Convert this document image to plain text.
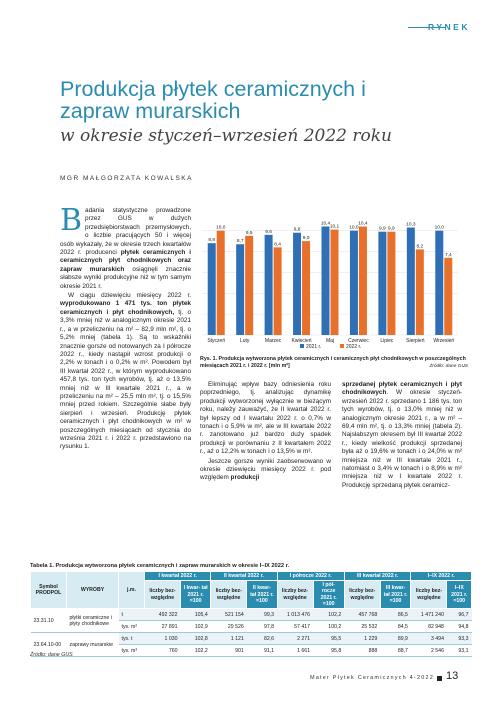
RYNEK
Produkcja płytek ceramicznych i zapraw murarskich
w okresie styczeń–wrzesień 2022 roku
MGR MAŁGORZATA KOWALSKA

Badania statystyczne prowadzone przez GUS w dużych przedsiębiorstwach przemysłowych, o liczbie pracujących 50 i więcej osób wykazały, że w okresie trzech kwartałów 2022 r. producenci płytek ceramicznych i ceramicznych płyt chodnikowych oraz zapraw murarskich osiągnęli znacznie słabsze wyniki produkcyjne niż w tym samym okresie 2021 r.

W ciągu dziewięciu miesięcy 2022 r. wyprodukowano 1 471 tys. ton płytek ceramicznych i płyt chodnikowych, tj. o 3,3% mniej niż w analogicznym okresie 2021 r., a w przeliczeniu na m² – 82,9 mln m², tj. o 5,2% mniej (tabela 1). Są to wskaźniki znacznie gorsze od notowanych za I półrocze 2022 r., kiedy nastąpił wzrost produkcji o 2,2% w tonach i o 0,2% w m². Powodem był III kwartał 2022 r., w którym wyprodukowano 457,8 tys. ton tych wyrobów, tj. aż o 13,5% mniej niż w III kwartale 2021 r., a w przeliczeniu na m² – 25,5 mln m², tj. o 15,5% mniej przed rokiem. Szczególnie słabe były sierpień i wrzesień. Produkcję płytek ceramicznych i płyt chodnikowych w m² w poszczególnych miesiącach od stycznia do września 2021 r. i 2022 r. przedstawiono na rysunku 1.

8,8
10,0
Styczeń
8,7
9,5
Luty
9,6
8,4
Marzec
9,8
9,0
Kwiecień
10,4
10,1
Maj
10,0
10,4
Czerwiec
9,9 9,9
Lipiec
10,3
8,2
Sierpień
10,0
7,4
Wrzesień
2021 r.	2022 r.
Rys. 1. Produkcja wytworzona płytek ceramicznych i ceramicznych płyt chodnikowych w poszczególnych miesiącach 2021 r. i 2022 r. [mln m²]	Źródło: dane GUS

Eliminując wpływ bazy odniesienia roku poprzedniego, tj. analizując dynamikę produkcji wytworzonej wyłącznie w bieżącym roku, należy zauważyć, że II kwartał 2022 r. był lepszy od I kwartału 2022 r. o 0,7% w tonach i o 5,9% w m², ale w III kwartale 2022 r. zanotowano już bardzo duży spadek produkcji w porównaniu z II kwartałem 2022 r., aż o 12,2% w tonach i o 13,5% w m².

Jeszcze gorsze wyniki zaobserwowano w okresie dziewięciu miesięcy 2022 r. pod względem produkcji

sprzedanej płytek ceramicznych i płyt chodnikowych. W okresie styczeń-wrzesień 2022 r. sprzedano 1 186 tys. ton tych wyrobów, tj. o 13,0% mniej niż w analogicznym okresie 2021 r., a w m² – 69,4 mln m², tj. o 13,3% mniej (tabela 2). Najsłabszym okresem był III kwartał 2022 r., kiedy wielkość produkcji sprzedanej była aż o 19,6% w tonach i o 24,0% w m² mniejsza niż w III kwartale 2021 r., natomiast o 3,4% w tonach i o 8,9% w m² mniejsza niż w I kwartale 2022 r. Produkcję sprzedaną płytek ceramicz-

Tabela 1. Produkcja wytworzona płytek ceramicznych i zapraw murarskich w okresie I–IX 2022 r.
Symbol PRODPOL	WYROBY	j.m.	I kwartał 2022 r.		II kwartał 2022 r.		I półrocze 2022 r.		III kwartał 2022 r.		I–IX 2022 r.	
			liczby bez- względne	I kwar- tał 2021 r. =100	liczby bez- względne	II kwar- tał 2021 r. =100	liczby bez- względne	I pół- rocze 2021 r. =100	liczby bez- względne	III kwar- tał 2021 r. =100	liczby bez- względne	I–IX 2021 r. =100
23.31.10	płytki ceramiczne i płyty chodnikowe	t	492 322	105,4	521 154	99,3	1 013 476	102,2	457 768	86,5	1 471 240	96,7
		tys. m²	27 891	102,9	29 526	97,8	57 417	100,2	25 532	84,5	82 948	94,8
23.64.10-00	zaprawy murarskie	tys. t	1 030	102,8	1 121	82,6	2 271	95,5	1 229	89,9	3 494	93,3
		tys. m³	760	102,2	901	91,1	1 661	95,8	888	88,7	2 546	93,1
Źródło: dane GUS
Mater Płytek Ceramicznych 4-2022 13
